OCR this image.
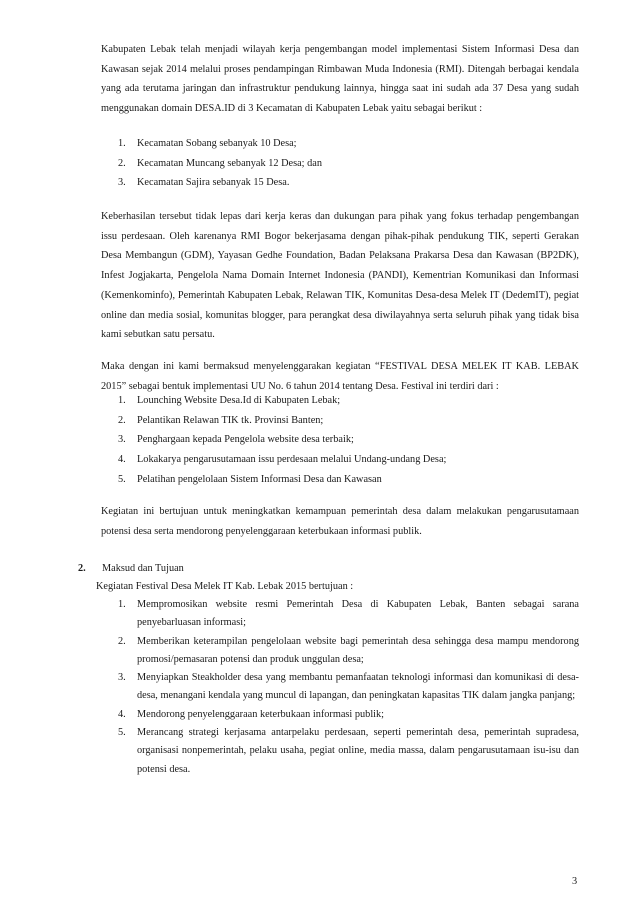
Kabupaten Lebak telah menjadi wilayah kerja pengembangan model implementasi Sistem Informasi Desa dan Kawasan sejak 2014 melalui proses pendampingan Rimbawan Muda Indonesia (RMI). Ditengah berbagai kendala yang ada terutama jaringan dan infrastruktur pendukung lainnya, hingga saat ini sudah ada 37 Desa yang sudah menggunakan domain DESA.ID di 3 Kecamatan di Kabupaten Lebak yaitu sebagai berikut :

1. Kecamatan Sobang sebanyak 10 Desa;
2. Kecamatan Muncang sebanyak 12 Desa; dan
3. Kecamatan Sajira sebanyak 15 Desa.

Keberhasilan tersebut tidak lepas dari kerja keras dan dukungan para pihak yang fokus terhadap pengembangan issu perdesaan. Oleh karenanya RMI Bogor bekerjasama dengan pihak-pihak pendukung TIK, seperti Gerakan Desa Membangun (GDM), Yayasan Gedhe Foundation, Badan Pelaksana Prakarsa Desa dan Kawasan (BP2DK), Infest Jogjakarta, Pengelola Nama Domain Internet Indonesia (PANDI), Kementrian Komunikasi dan Informasi (Kemenkominfo), Pemerintah Kabupaten Lebak, Relawan TIK, Komunitas Desa-desa Melek IT (DedemIT), pegiat online dan media sosial, komunitas blogger, para perangkat desa diwilayahnya serta seluruh pihak yang tidak bisa kami sebutkan satu persatu.

Maka dengan ini kami bermaksud menyelenggarakan kegiatan “FESTIVAL DESA MELEK IT KAB. LEBAK 2015” sebagai bentuk implementasi UU No. 6 tahun 2014 tentang Desa. Festival ini terdiri dari :

1. Lounching Website Desa.Id di Kabupaten Lebak;
2. Pelantikan Relawan TIK tk. Provinsi Banten;
3. Penghargaan kepada Pengelola website desa terbaik;
4. Lokakarya pengarusutamaan issu perdesaan melalui Undang-undang Desa;
5. Pelatihan pengelolaan Sistem Informasi Desa dan Kawasan

Kegiatan ini bertujuan untuk meningkatkan kemampuan pemerintah desa dalam melakukan pengarusutamaan potensi desa serta mendorong penyelenggaraan keterbukaan informasi publik.

2. Maksud dan Tujuan
Kegiatan Festival Desa Melek IT Kab. Lebak 2015 bertujuan :
1. Mempromosikan website resmi Pemerintah Desa di Kabupaten Lebak, Banten sebagai sarana penyebarluasan informasi;
2. Memberikan keterampilan pengelolaan website bagi pemerintah desa sehingga desa mampu mendorong promosi/pemasaran potensi dan produk unggulan desa;
3. Menyiapkan Steakholder desa yang membantu pemanfaatan teknologi informasi dan komunikasi di desa-desa, menangani kendala yang muncul di lapangan, dan peningkatan kapasitas TIK dalam jangka panjang;
4. Mendorong penyelenggaraan keterbukaan informasi publik;
5. Merancang strategi kerjasama antarpelaku perdesaan, seperti pemerintah desa, pemerintah supradesa, organisasi nonpemerintah, pelaku usaha, pegiat online, media massa, dalam pengarusutamaan isu-isu dan potensi desa.
3
